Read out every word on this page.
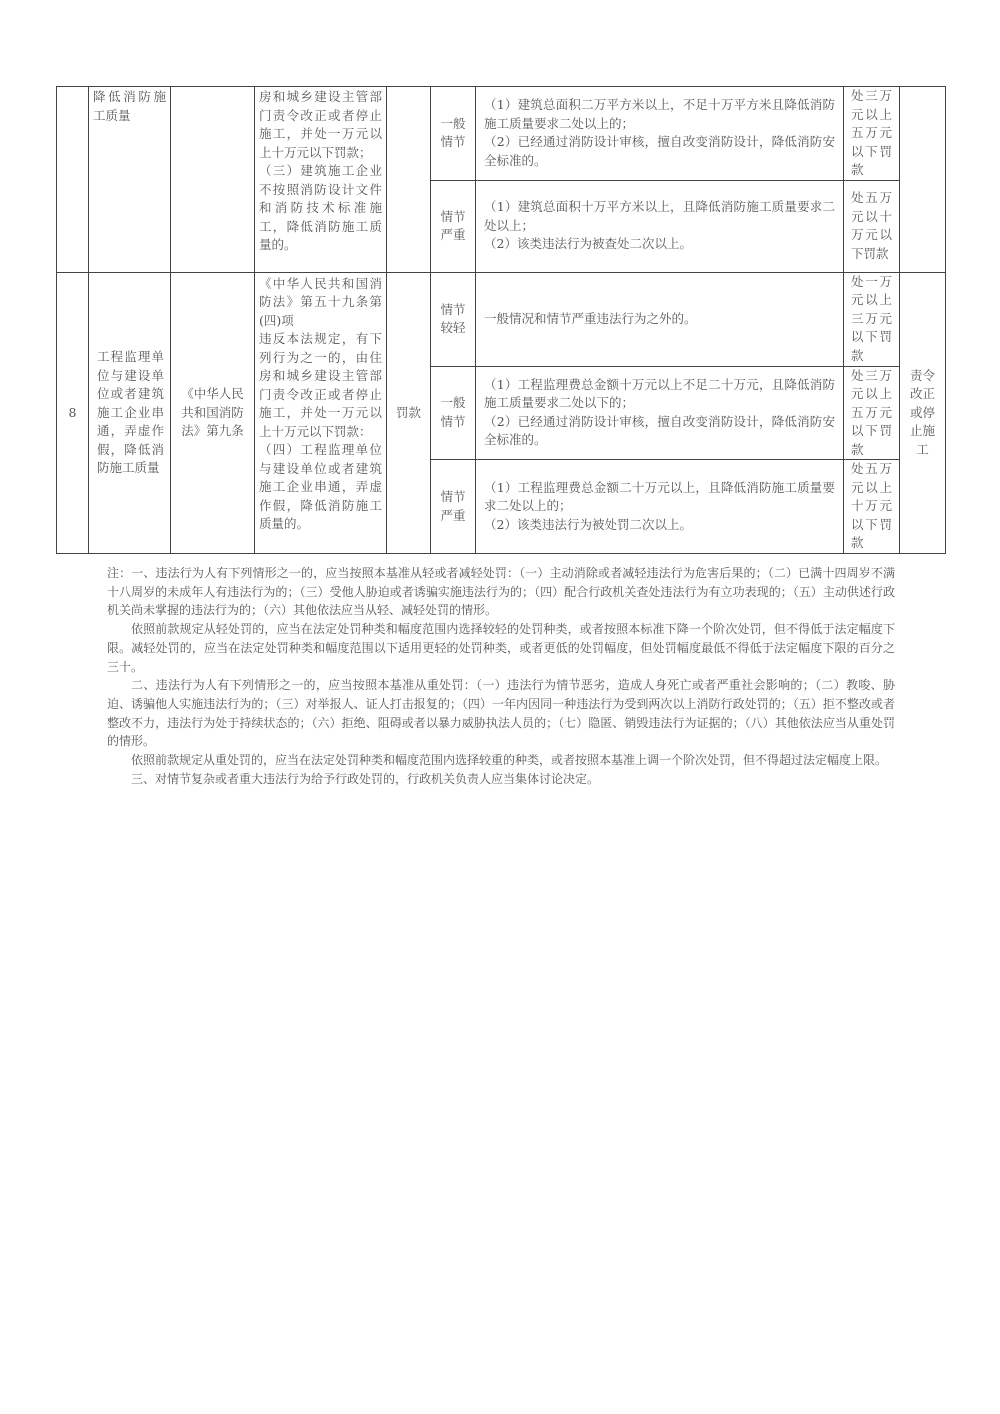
	降低消防施工质量		房和城乡建设主管部门责令改正或者停止施工，并处一万元以上十万元以下罚款；
（三）建筑施工企业不按照消防设计文件和消防技术标准施工，降低消防施工质量的。		一般
情节	（1）建筑总面积二万平方米以上，不足十万平方米且降低消防施工质量要求二处以上的；
（2）已经通过消防设计审核，擅自改变消防设计，降低消防安全标准的。	处三万元以上五万元以下罚款	
					情节
严重	（1）建筑总面积十万平方米以上，且降低消防施工质量要求二处以上；
（2）该类违法行为被查处二次以上。	处五万元以十万元以下罚款	
8	工程监理单位与建设单位或者建筑施工企业串通，弄虚作假，降低消防施工质量	《中华人民共和国消防法》第九条	《中华人民共和国消防法》第五十九条第(四)项
违反本法规定，有下列行为之一的，由住房和城乡建设主管部门责令改正或者停止施工，并处一万元以上十万元以下罚款：
（四）工程监理单位与建设单位或者建筑施工企业串通，弄虚作假，降低消防施工质量的。	罚款	情节
较轻	一般情况和情节严重违法行为之外的。	处一万元以上三万元以下罚款	责令改正或停止施工
					一般
情节	（1）工程监理费总金额十万元以上不足二十万元，且降低消防施工质量要求二处以下的；
（2）已经通过消防设计审核，擅自改变消防设计，降低消防安全标准的。	处三万元以上五万元以下罚款	
					情节
严重	（1）工程监理费总金额二十万元以上，且降低消防施工质量要求二处以上的；
（2）该类违法行为被处罚二次以上。	处五万元以上十万元以下罚款	

注：一、违法行为人有下列情形之一的，应当按照本基准从轻或者减轻处罚：（一）主动消除或者减轻违法行为危害后果的；（二）已满十四周岁不满十八周岁的未成年人有违法行为的；（三）受他人胁迫或者诱骗实施违法行为的；（四）配合行政机关查处违法行为有立功表现的；（五）主动供述行政机关尚未掌握的违法行为的；（六）其他依法应当从轻、减轻处罚的情形。

依照前款规定从轻处罚的，应当在法定处罚种类和幅度范围内选择较轻的处罚种类，或者按照本标准下降一个阶次处罚，但不得低于法定幅度下限。减轻处罚的，应当在法定处罚种类和幅度范围以下适用更轻的处罚种类，或者更低的处罚幅度，但处罚幅度最低不得低于法定幅度下限的百分之三十。

二、违法行为人有下列情形之一的，应当按照本基准从重处罚：（一）违法行为情节恶劣，造成人身死亡或者严重社会影响的；（二）教唆、胁迫、诱骗他人实施违法行为的；（三）对举报人、证人打击报复的；（四）一年内因同一种违法行为受到两次以上消防行政处罚的；（五）拒不整改或者整改不力，违法行为处于持续状态的；（六）拒绝、阻碍或者以暴力威胁执法人员的；（七）隐匿、销毁违法行为证据的；（八）其他依法应当从重处罚的情形。

依照前款规定从重处罚的，应当在法定处罚种类和幅度范围内选择较重的种类，或者按照本基准上调一个阶次处罚，但不得超过法定幅度上限。

三、对情节复杂或者重大违法行为给予行政处罚的，行政机关负责人应当集体讨论决定。
